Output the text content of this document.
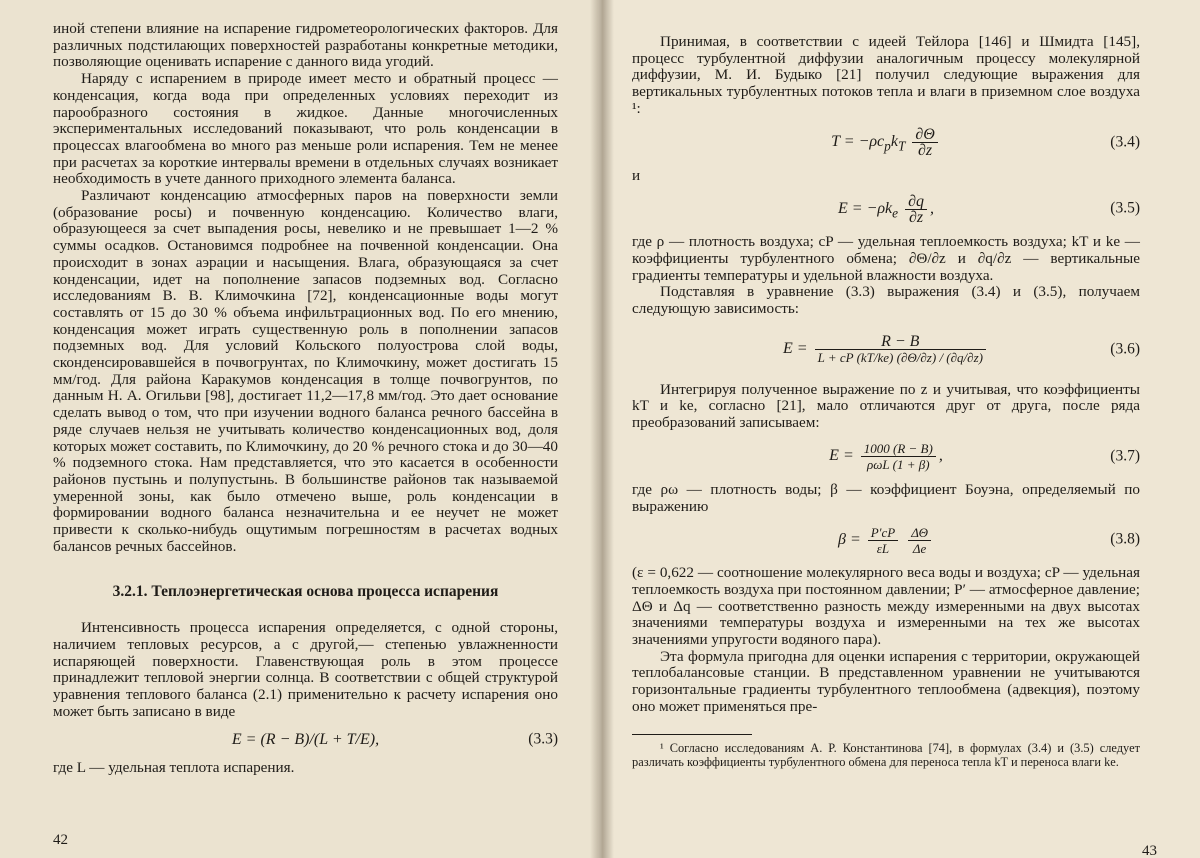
иной степени влияние на испарение гидрометеорологических факторов. Для различных подстилающих поверхностей разработаны конкретные методики, позволяющие оценивать испарение с данного вида угодий.

Наряду с испарением в природе имеет место и обратный процесс — конденсация, когда вода при определенных условиях переходит из парообразного состояния в жидкое. Данные многочисленных экспериментальных исследований показывают, что роль конденсации в процессах влагообмена во много раз меньше роли испарения. Тем не менее при расчетах за короткие интервалы времени в отдельных случаях возникает необходимость в учете данного приходного элемента баланса.

Различают конденсацию атмосферных паров на поверхности земли (образование росы) и почвенную конденсацию. Количество влаги, образующееся за счет выпадения росы, невелико и не превышает 1—2 % суммы осадков. Остановимся подробнее на почвенной конденсации. Она происходит в зонах аэрации и насыщения. Влага, образующаяся за счет конденсации, идет на пополнение запасов подземных вод. Согласно исследованиям В. В. Климочкина [72], конденсационные воды могут составлять от 15 до 30 % объема инфильтрационных вод. По его мнению, конденсация может играть существенную роль в пополнении запасов подземных вод. Для условий Кольского полуострова слой воды, сконденсировавшейся в почвогрунтах, по Климочкину, может достигать 15 мм/год. Для района Каракумов конденсация в толще почвогрунтов, по данным Н. А. Огильви [98], достигает 11,2—17,8 мм/год. Это дает основание сделать вывод о том, что при изучении водного баланса речного бассейна в ряде случаев нельзя не учитывать количество конденсационных вод, доля которых может составить, по Климочкину, до 20 % речного стока и до 30—40 % подземного стока. Нам представляется, что это касается в особенности районов пустынь и полупустынь. В большинстве районов так называемой умеренной зоны, как было отмечено выше, роль конденсации в формировании водного баланса незначительна и ее неучет не может привести к сколько-нибудь ощутимым погрешностям в расчетах водных балансов речных бассейнов.

3.2.1. Теплоэнергетическая основа процесса испарения

Интенсивность процесса испарения определяется, с одной стороны, наличием тепловых ресурсов, а с другой,— степенью увлажненности испаряющей поверхности. Главенствующая роль в этом процессе принадлежит тепловой энергии солнца. В соответствии с общей структурой уравнения теплового баланса (2.1) применительно к расчету испарения оно может быть записано в виде

E = (R − B)/(L + T/E),	(3.3)

где L — удельная теплота испарения.

42

Принимая, в соответствии с идеей Тейлора [146] и Шмидта [145], процесс турбулентной диффузии аналогичным процессу молекулярной диффузии, М. И. Будыко [21] получил следующие выражения для вертикальных турбулентных потоков тепла и влаги в приземном слое воздуха ¹:

$T = -\rho c_pk_T \frac{\partial\Theta}{\partial z}$	(3.4)

и

$E = -\rho k_e \frac{\partial q}{\partial z}$ ,	(3.5)

где ρ — плотность воздуха; cP — удельная теплоемкость воздуха; kT и ke — коэффициенты турбулентного обмена; ∂Θ/∂z и ∂q/∂z — вертикальные градиенты температуры и удельной влажности воздуха.

Подставляя в уравнение (3.3) выражения (3.4) и (3.5), получаем следующую зависимость:

$E = \frac{R - B}{L + cP (kT/ke) (\partial\Theta/\partial z) / (\partial q/\partial z)}$	(3.6)

Интегрируя полученное выражение по z и учитывая, что коэффициенты kT и ke, согласно [21], мало отличаются друг от друга, после ряда преобразований записываем:

$E = \frac{1000 (R - B)}{\text{ρωL (1 + β)}}$ ,	(3.7)

где ρω — плотность воды; β — коэффициент Боуэна, определяемый по выражению

$\beta = \frac{P'cP}{\varepsilon L}$
$\frac{\Delta\Theta}{\Delta e}$	(3.8)

(ε = 0,622 — соотношение молекулярного веса воды и воздуха; cP — удельная теплоемкость воздуха при постоянном давлении; P′ — атмосферное давление; ΔΘ и Δq — соответственно разность между измеренными на двух высотах значениями температуры воздуха и измеренными на тех же высотах значениями упругости водяного пара).

Эта формула пригодна для оценки испарения с территории, окружающей теплобалансовые станции. В представленном уравнении не учитываются горизонтальные градиенты турбулентного теплообмена (адвекция), поэтому оно может применяться пре-

¹ Согласно исследованиям А. Р. Константинова [74], в формулах (3.4) и (3.5) следует различать коэффициенты турбулентного обмена для переноса тепла kT и переноса влаги ke.

43
